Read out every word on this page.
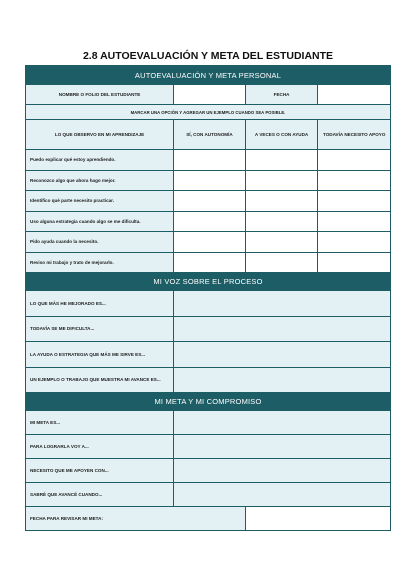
2.8 AUTOEVALUACIÓN Y META DEL ESTUDIANTE
AUTOEVALUACIÓN Y META PERSONAL
NOMBRE O FOLIO DEL ESTUDIANTE	FECHA
MARCAR UNA OPCIÓN Y AGREGAR UN EJEMPLO CUANDO SEA POSIBLE.
LO QUE OBSERVO EN MI APRENDIZAJE	SÍ, CON AUTONOMÍA	A VECES O CON AYUDA	TODAVÍA NECESITO APOYO
Puedo explicar qué estoy aprendiendo.
Reconozco algo que ahora hago mejor.
Identifico qué parte necesito practicar.
Uso alguna estrategia cuando algo se me dificulta.
Pido ayuda cuando la necesito.
Reviso mi trabajo y trato de mejorarlo.
MI VOZ SOBRE EL PROCESO
LO QUE MÁS HE MEJORADO ES...
TODAVÍA SE ME DIFICULTA...
LA AYUDA O ESTRATEGIA QUE MÁS ME SIRVE ES...
UN EJEMPLO O TRABAJO QUE MUESTRA MI AVANCE ES...
MI META Y MI COMPROMISO
MI META ES...
PARA LOGRARLA VOY A...
NECESITO QUE ME APOYEN CON...
SABRÉ QUE AVANCÉ CUANDO...
FECHA PARA REVISAR MI META:
